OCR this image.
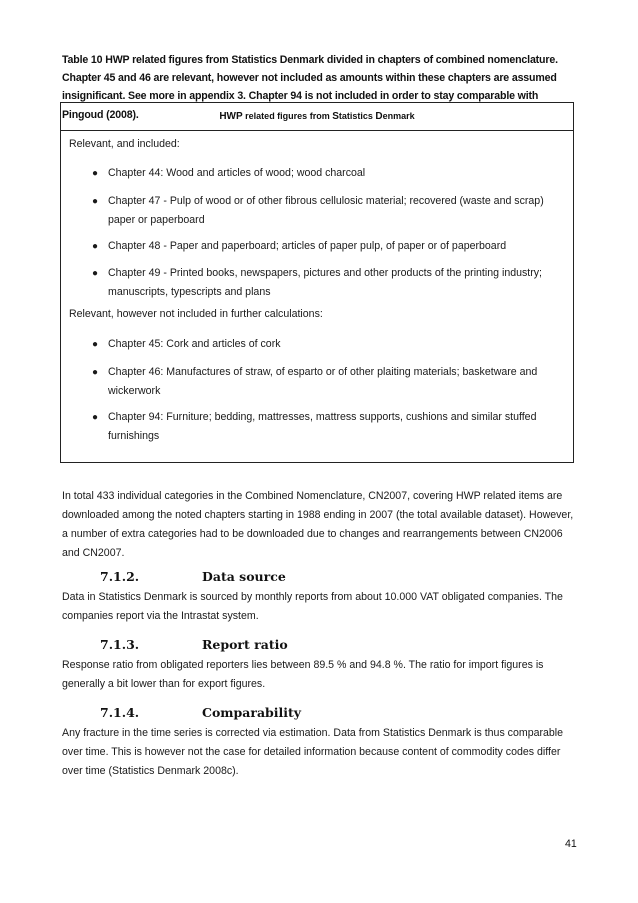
Table 10 HWP related figures from Statistics Denmark divided in chapters of combined nomenclature. Chapter 45 and 46 are relevant, however not included as amounts within these chapters are assumed insignificant. See more in appendix 3. Chapter 94 is not included in order to stay comparable with Pingoud (2008).	HWP related figures from Statistics Denmark
Relevant, and included:
● Chapter 44: Wood and articles of wood; wood charcoal
● Chapter 47 - Pulp of wood or of other fibrous cellulosic material; recovered (waste and scrap) paper or paperboard
● Chapter 48 - Paper and paperboard; articles of paper pulp, of paper or of paperboard
● Chapter 49 - Printed books, newspapers, pictures and other products of the printing industry; manuscripts, typescripts and plans
Relevant, however not included in further calculations:
● Chapter 45: Cork and articles of cork
● Chapter 46: Manufactures of straw, of esparto or of other plaiting materials; basketware and wickerwork
● Chapter 94: Furniture; bedding, mattresses, mattress supports, cushions and similar stuffed furnishings
In total 433 individual categories in the Combined Nomenclature, CN2007, covering HWP related items are downloaded among the noted chapters starting in 1988 ending in 2007 (the total available dataset). However, a number of extra categories had to be downloaded due to changes and rearrangements between CN2006 and CN2007.
7.1.2.	Data source
Data in Statistics Denmark is sourced by monthly reports from about 10.000 VAT obligated companies. The companies report via the Intrastat system.
7.1.3.	Report ratio
Response ratio from obligated reporters lies between 89.5 % and 94.8 %. The ratio for import figures is generally a bit lower than for export figures.
7.1.4.	Comparability
Any fracture in the time series is corrected via estimation. Data from Statistics Denmark is thus comparable over time. This is however not the case for detailed information because content of commodity codes differ over time (Statistics Denmark 2008c).
41
